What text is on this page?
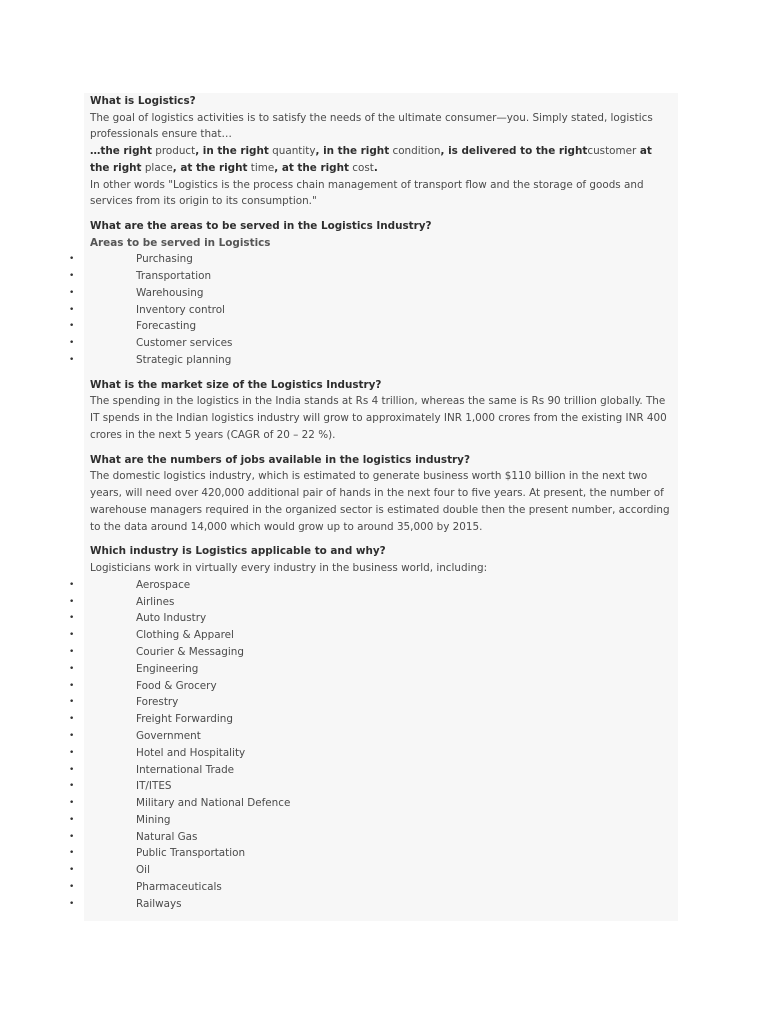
What is Logistics?

The goal of logistics activities is to satisfy the needs of the ultimate consumer—you. Simply stated, logistics professionals ensure that…

…the right product, in the right quantity, in the right condition, is delivered to the rightcustomer at the right place, at the right time, at the right cost.

In other words "Logistics is the process chain management of transport flow and the storage of goods and services from its origin to its consumption."

What are the areas to be served in the Logistics Industry?

Areas to be served in Logistics

•	Purchasing
•	Transportation
•	Warehousing
•	Inventory control
•	Forecasting
•	Customer services
•	Strategic planning

What is the market size of the Logistics Industry?

The spending in the logistics in the India stands at Rs 4 trillion, whereas the same is Rs 90 trillion globally. The IT spends in the Indian logistics industry will grow to approximately INR 1,000 crores from the existing INR 400 crores in the next 5 years (CAGR of 20 – 22 %).

What are the numbers of jobs available in the logistics industry?

The domestic logistics industry, which is estimated to generate business worth $110 billion in the next two years, will need over 420,000 additional pair of hands in the next four to five years. At present, the number of warehouse managers required in the organized sector is estimated double then the present number, according to the data around 14,000 which would grow up to around 35,000 by 2015.

Which industry is Logistics applicable to and why?

Logisticians work in virtually every industry in the business world, including:

•	Aerospace
•	Airlines
•	Auto Industry
•	Clothing & Apparel
•	Courier & Messaging
•	Engineering
•	Food & Grocery
•	Forestry
•	Freight Forwarding
•	Government
•	Hotel and Hospitality
•	International Trade
•	IT/ITES
•	Military and National Defence
•	Mining
•	Natural Gas
•	Public Transportation
•	Oil
•	Pharmaceuticals
•	Railways
